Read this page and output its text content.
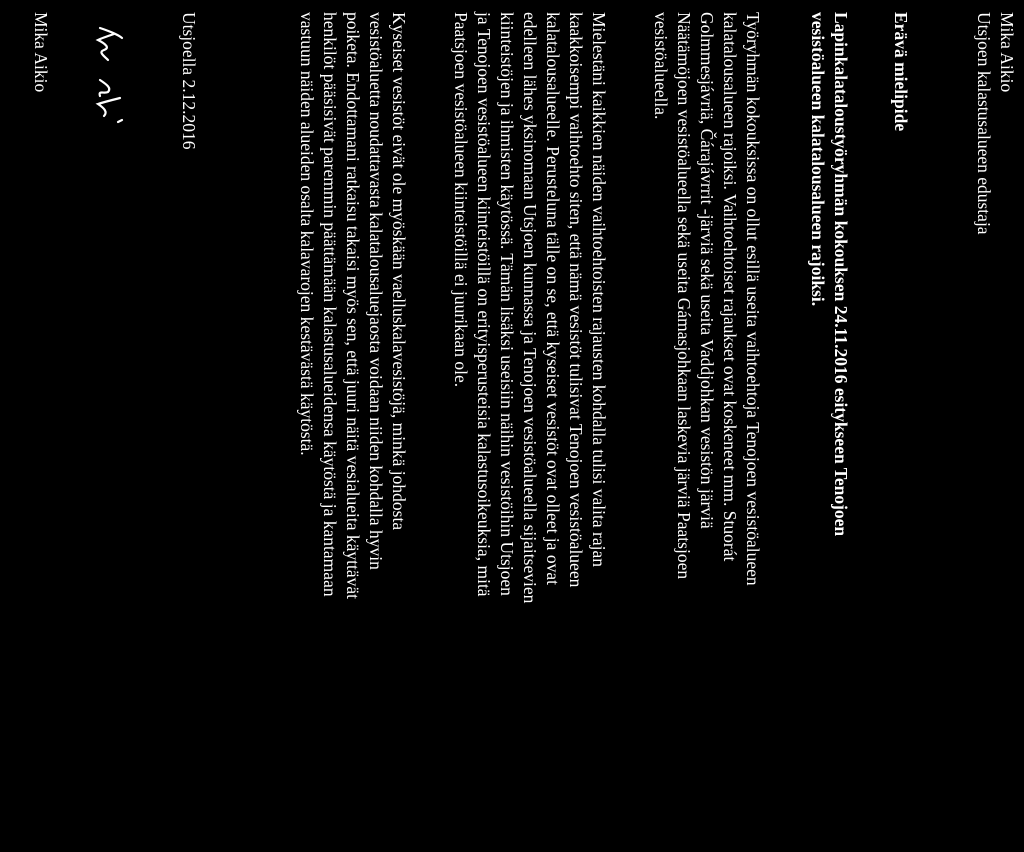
Mika Aikio
Utsjoen kalastusalueen edustaja
Erävä mielipide
Lapinkalataloustyöryhmän kokouksen 24.11.2016 esitykseen Tenojoen
vesistöalueen kalatalousalueen rajoiksi.
Työryhmän kokouksissa on ollut esillä useita vaihtoehtoja Tenojoen vesistöalueen
kalatalousalueen rajoiksi. Vaihtoehtoiset rajaukset ovat koskeneet mm. Stuorát
Golmmesjávriä, Čárajávrrit -järviä sekä useita Vaddjohkan vesistön järviä
Näätämöjoen vesistöalueella sekä useita Gámasjohkaan laskevia järviä Paatsjoen
vesistöalueella.
Mielestäni kaikkien näiden vaihtoehtoisten rajausten kohdalla tulisi valita rajan
kaakkoisempi vaihtoehto siten, että nämä vesistöt tulisivat Tenojoen vesistöalueen
kalatalousalueelle. Perusteluna tälle on se, että kyseiset vesistöt ovat olleet ja ovat
edelleen lähes yksinomaan Utsjoen kunnassa ja Tenojoen vesistöalueella sijaitsevien
kiinteistöjen ja ihmisten käytössä. Tämän lisäksi useisiin näihin vesistöihin Utsjoen
ja Tenojoen vesistöalueen kiinteistöillä on erityisperusteisia kalastusoikeuksia, mitä
Paatsjoen vesistöalueen kiinteistöillä ei juurikaan ole.
Kyseiset vesistöt eivät ole myöskään vaelluskalavesistöjä, minkä johdosta
vesistöaluetta noudattavasta kalatalousaluejaosta voidaan niiden kohdalla hyvin
poiketa. Endottamani ratkaisu takaisi myös sen, että juuri näitä vesialueita käyttävät
henkilöt pääsisivät paremmin päättämään kalastusalueidensa käytöstä ja kantamaan
vastuun näiden alueiden osalta kalavarojen kestävästä käytöstä.
Utsjoella 2.12.2016
Mika Aikio
